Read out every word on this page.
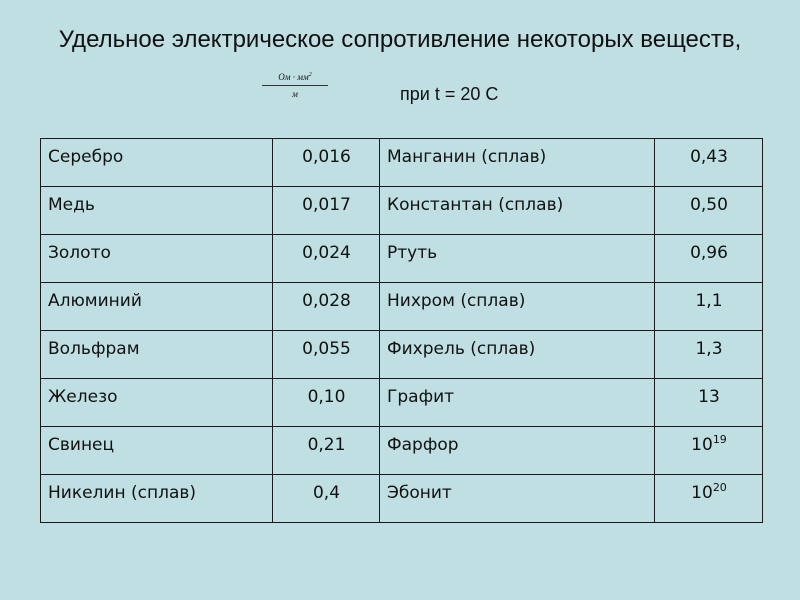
Удельное электрическое сопротивление некоторых веществ,
Ом · $мм^2$
м	при t = 20 C
Серебро	0,016	Манганин (сплав)	0,43
Медь	0,017	Константан (сплав)	0,50
Золото	0,024	Ртуть	0,96
Алюминий	0,028	Нихром (сплав)	1,1
Вольфрам	0,055	Фихрель (сплав)	1,3
Железо	0,10	Графит	13
Свинец	0,21	Фарфор	$10^{19}$
Никелин (сплав)	0,4	Эбонит	$10^{20}$
